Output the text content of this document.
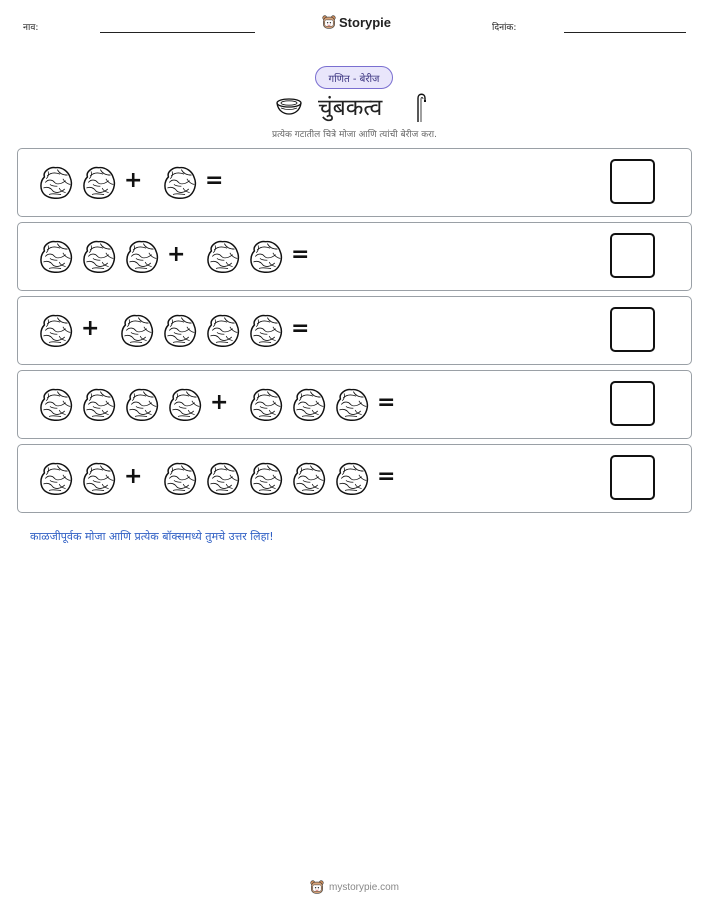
नाव:	Storypie	दिनांक:
गणित - बेरीज
चुंबकत्व
प्रत्येक गटातील चित्रे मोजा आणि त्यांची बेरीज करा.
+	=
+	=
+	=
+	=
+	=
काळजीपूर्वक मोजा आणि प्रत्येक बॉक्समध्ये तुमचे उत्तर लिहा!
mystorypie.com
